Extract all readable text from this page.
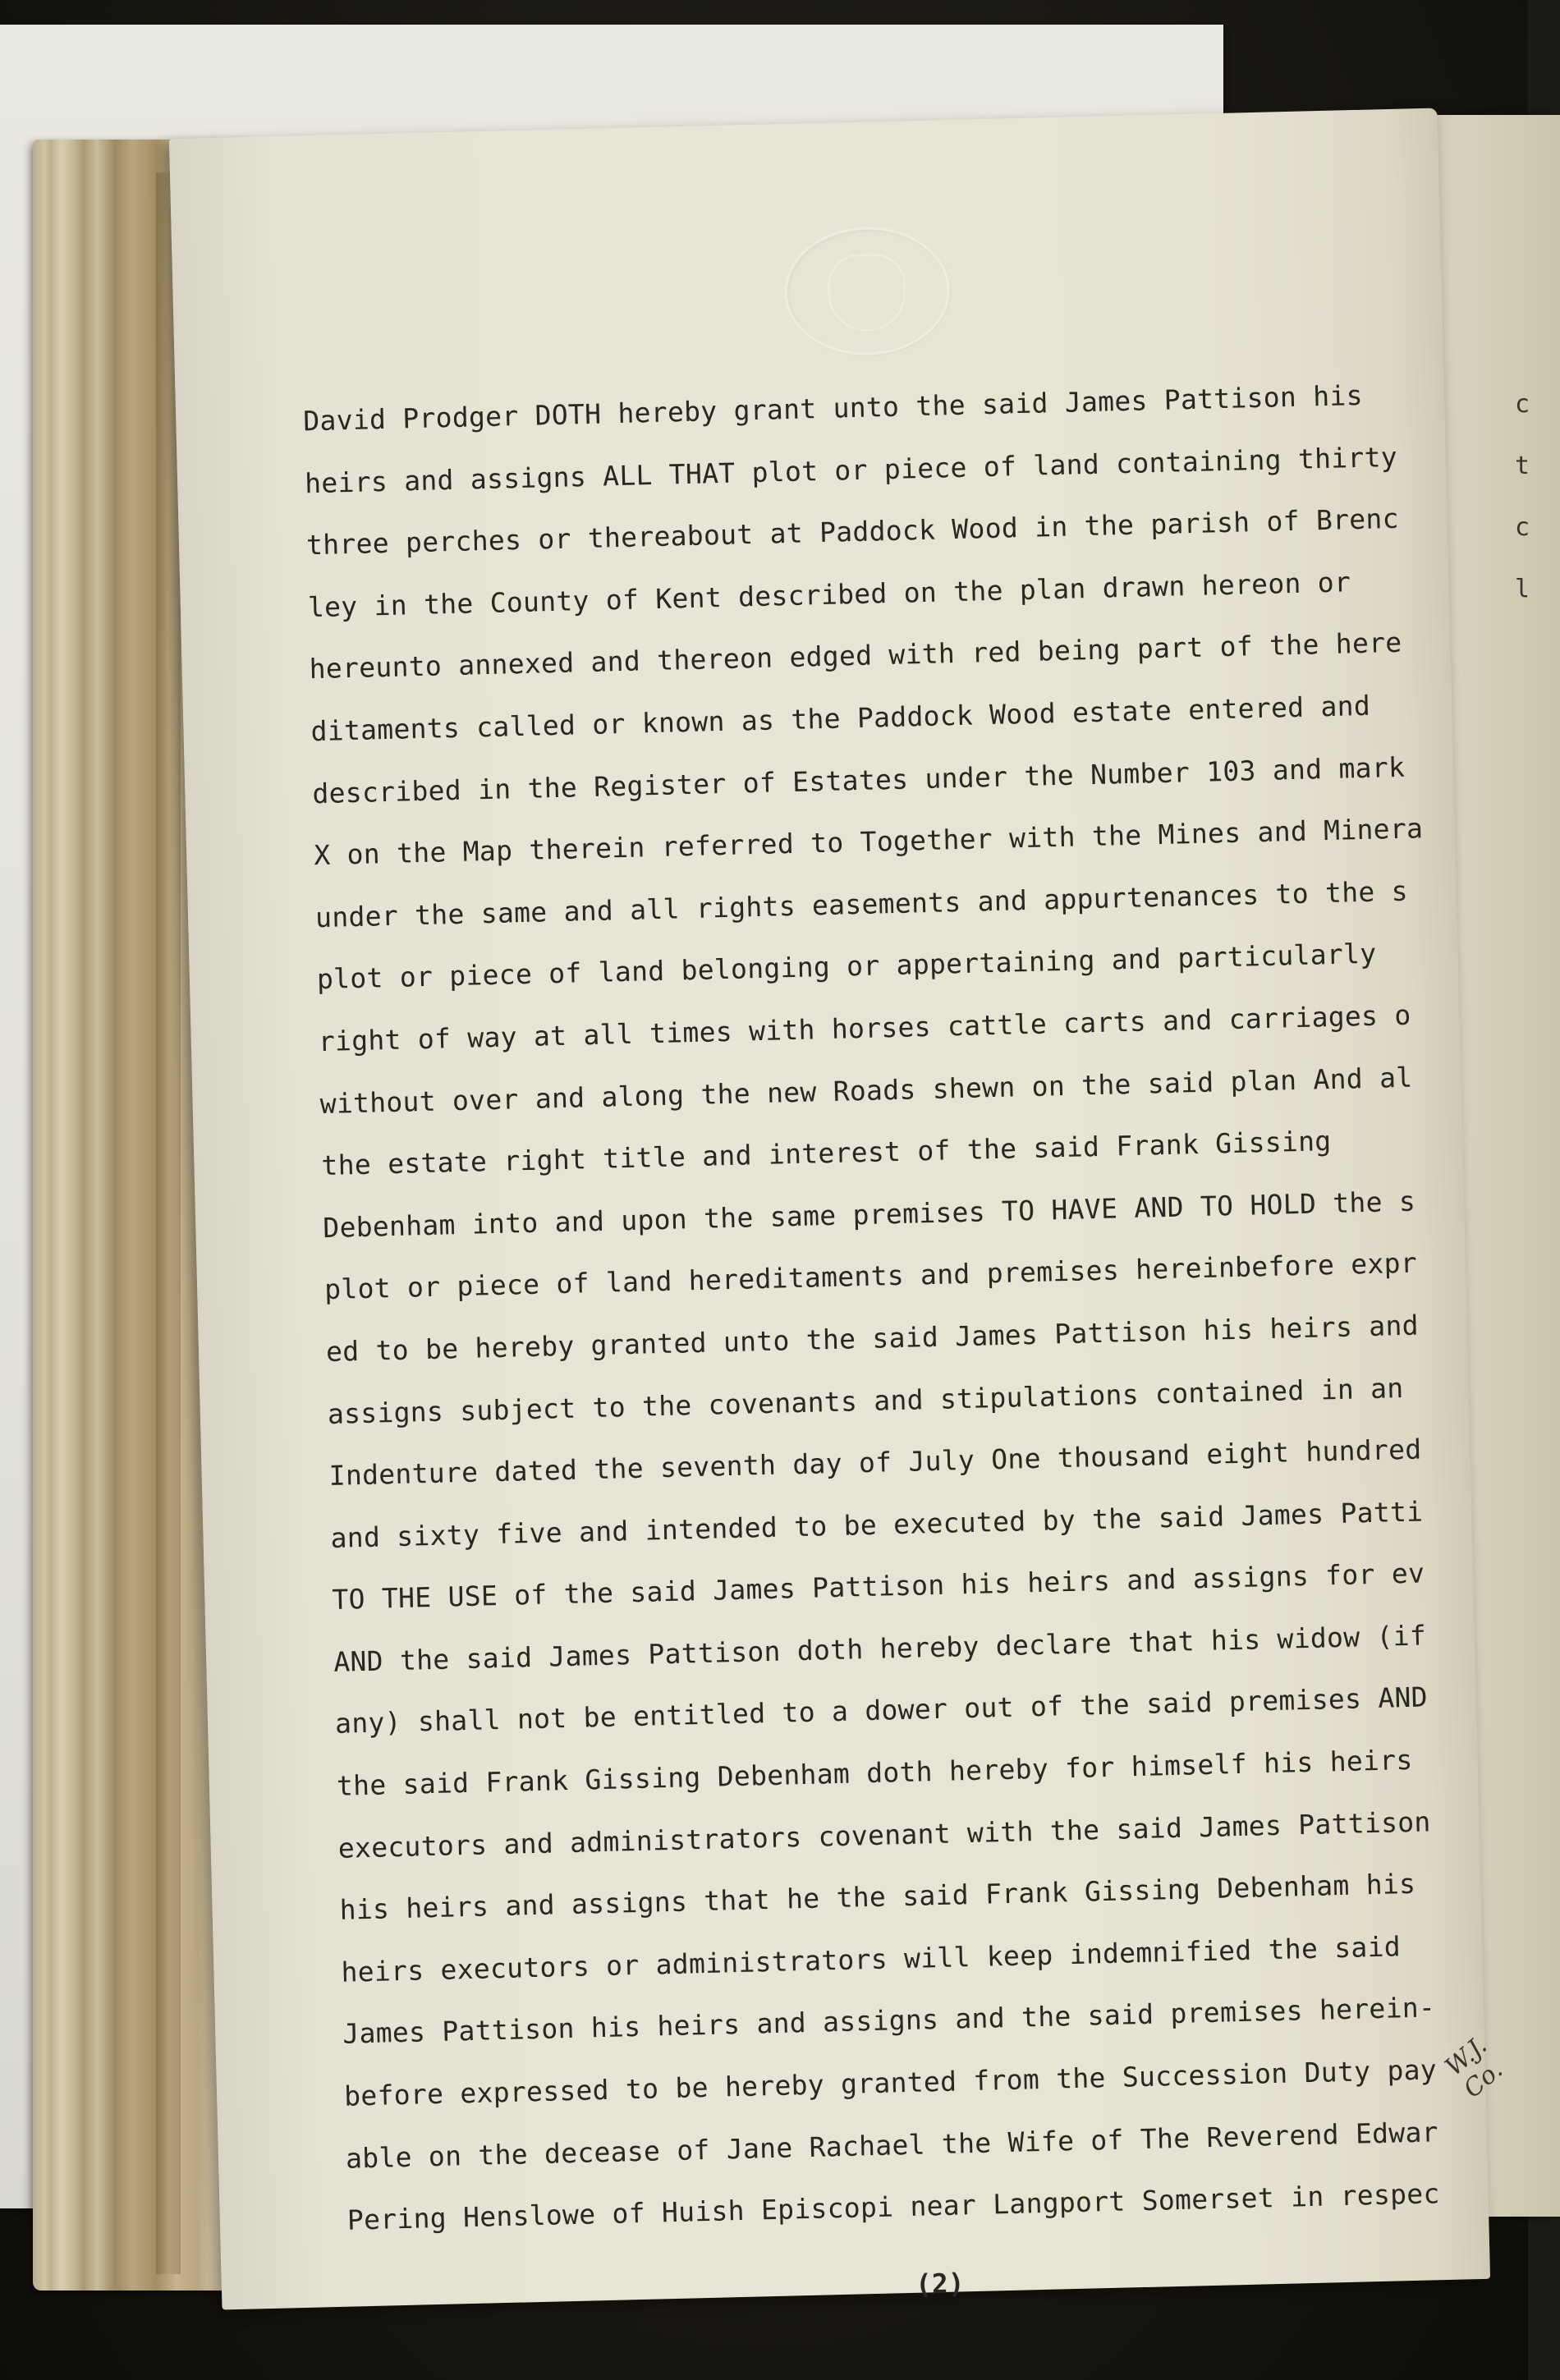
c
t
c
l
David Prodger DOTH hereby grant unto the said James Pattison his
heirs and assigns ALL THAT plot or piece of land containing thirty
three perches or thereabout at Paddock Wood in the parish of Brenc
ley in the County of Kent described on the plan drawn hereon or
hereunto annexed and thereon edged with red being part of the here
ditaments called or known as the Paddock Wood estate entered and
described in the Register of Estates under the Number 103 and mark
X on the Map therein referred to Together with the Mines and Minera
under the same and all rights easements and appurtenances to the s
plot or piece of land belonging or appertaining and particularly
right of way at all times with horses cattle carts and carriages o
without over and along the new Roads shewn on the said plan And al
the estate right title and interest of the said Frank Gissing
Debenham into and upon the same premises TO HAVE AND TO HOLD the s
plot or piece of land hereditaments and premises hereinbefore expr
ed to be hereby granted unto the said James Pattison his heirs and
assigns subject to the covenants and stipulations contained in an
Indenture dated the seventh day of July One thousand eight hundred
and sixty five and intended to be executed by the said James Patti
TO THE USE of the said James Pattison his heirs and assigns for ev
AND the said James Pattison doth hereby declare that his widow (if
any) shall not be entitled to a dower out of the said premises AND
the said Frank Gissing Debenham doth hereby for himself his heirs
executors and administrators covenant with the said James Pattison
his heirs and assigns that he the said Frank Gissing Debenham his
heirs executors or administrators will keep indemnified the said
James Pattison his heirs and assigns and the said premises herein-
before expressed to be hereby granted from the Succession Duty pay
able on the decease of Jane Rachael the Wife of The Reverend Edwar
Pering Henslowe of Huish Episcopi near Langport Somerset in respec
(2)
W.J. Co.
